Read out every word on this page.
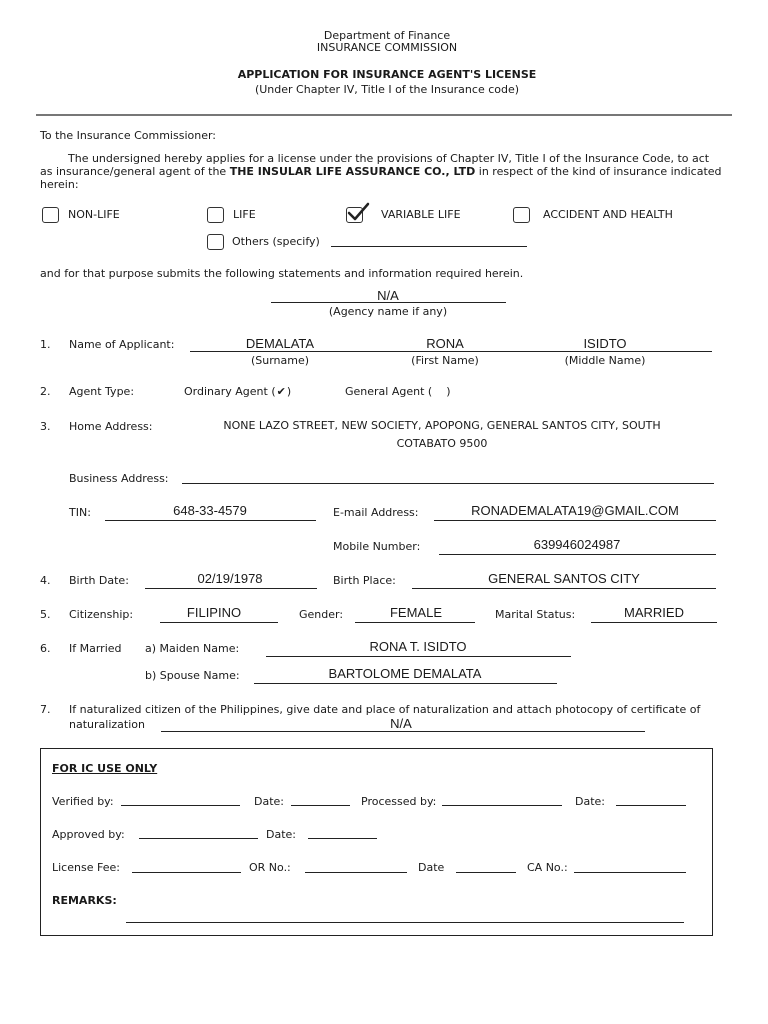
Department of Finance
INSURANCE COMMISSION
APPLICATION FOR INSURANCE AGENT'S LICENSE
(Under Chapter IV, Title I of the Insurance code)
To the Insurance Commissioner:
The undersigned hereby applies for a license under the provisions of Chapter IV, Title I of the Insurance Code, to act
as insurance/general agent of the THE INSULAR LIFE ASSURANCE CO., LTD in respect of the kind of insurance indicated
herein:
NON-LIFE	LIFE	VARIABLE LIFE	ACCIDENT AND HEALTH
Others (specify)
and for that purpose submits the following statements and information required herein.
N/A
(Agency name if any)
1. Name of Applicant:	DEMALATA	RONA	ISIDTO
(Surname)	(First Name)	(Middle Name)
2. Agent Type:	Ordinary Agent (✔)	General Agent ( )
3. Home Address:	NONE LAZO STREET, NEW SOCIETY, APOPONG, GENERAL SANTOS CITY, SOUTH
COTABATO 9500
Business Address:
TIN:	648-33-4579	E-mail Address:	RONADEMALATA19@GMAIL.COM
Mobile Number:	639946024987
4. Birth Date:	02/19/1978	Birth Place:	GENERAL SANTOS CITY
5. Citizenship:	FILIPINO	Gender:	FEMALE	Marital Status:	MARRIED
6. If Married a) Maiden Name:	RONA T. ISIDTO
b) Spouse Name:	BARTOLOME DEMALATA
7. If naturalized citizen of the Philippines, give date and place of naturalization and attach photocopy of certificate of
naturalization	N/A
FOR IC USE ONLY
Verified by:	Date:	Processed by:	Date:
Approved by:	Date:
License Fee:	OR No.:	Date	CA No.:
REMARKS:
